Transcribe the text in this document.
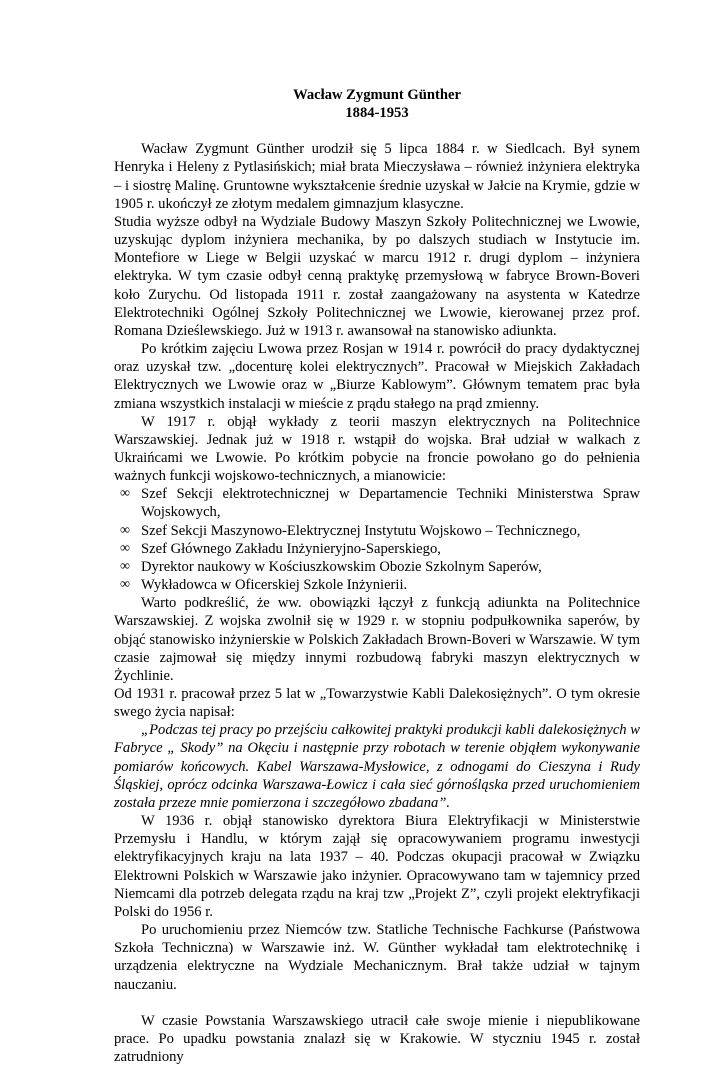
Wacław Zygmunt Günther

1884-1953

Wacław Zygmunt Günther urodził się 5 lipca 1884 r. w Siedlcach. Był synem Henryka i Heleny z Pytlasińskich; miał brata Mieczysława – również inżyniera elektryka – i siostrę Malinę. Gruntowne wykształcenie średnie uzyskał w Jałcie na Krymie, gdzie w 1905 r. ukończył ze złotym medalem gimnazjum klasyczne.

Studia wyższe odbył na Wydziale Budowy Maszyn Szkoły Politechnicznej we Lwowie, uzyskując dyplom inżyniera mechanika, by po dalszych studiach w Instytucie im. Montefiore w Liege w Belgii uzyskać w marcu 1912 r. drugi dyplom – inżyniera elektryka. W tym czasie odbył cenną praktykę przemysłową w fabryce Brown-Boveri koło Zurychu. Od listopada 1911 r. został zaangażowany na asystenta w Katedrze Elektrotechniki Ogólnej Szkoły Politechnicznej we Lwowie, kierowanej przez prof. Romana Dzieślewskiego. Już w 1913 r. awansował na stanowisko adiunkta.

Po krótkim zajęciu Lwowa przez Rosjan w 1914 r. powrócił do pracy dydaktycznej oraz uzyskał tzw. „docenturę kolei elektrycznych”. Pracował w Miejskich Zakładach Elektrycznych we Lwowie oraz w „Biurze Kablowym”. Głównym tematem prac była zmiana wszystkich instalacji w mieście z prądu stałego na prąd zmienny.

W 1917 r. objął wykłady z teorii maszyn elektrycznych na Politechnice Warszawskiej. Jednak już w 1918 r. wstąpił do wojska. Brał udział w walkach z Ukraińcami we Lwowie. Po krótkim pobycie na froncie powołano go do pełnienia ważnych funkcji wojskowo-technicznych, a mianowicie:

∞ Szef Sekcji elektrotechnicznej w Departamencie Techniki Ministerstwa Spraw Wojskowych,
∞ Szef Sekcji Maszynowo-Elektrycznej Instytutu Wojskowo – Technicznego,
∞ Szef Głównego Zakładu Inżynieryjno-Saperskiego,
∞ Dyrektor naukowy w Kościuszkowskim Obozie Szkolnym Saperów,
∞ Wykładowca w Oficerskiej Szkole Inżynierii.

Warto podkreślić, że ww. obowiązki łączył z funkcją adiunkta na Politechnice Warszawskiej. Z wojska zwolnił się w 1929 r. w stopniu podpułkownika saperów, by objąć stanowisko inżynierskie w Polskich Zakładach Brown-Boveri w Warszawie. W tym czasie zajmował się między innymi rozbudową fabryki maszyn elektrycznych w Żychlinie.

Od 1931 r. pracował przez 5 lat w „Towarzystwie Kabli Dalekosiężnych”. O tym okresie swego życia napisał:

„Podczas tej pracy po przejściu całkowitej praktyki produkcji kabli dalekosiężnych w Fabryce „ Skody” na Okęciu i następnie przy robotach w terenie objąłem wykonywanie pomiarów końcowych. Kabel Warszawa-Mysłowice, z odnogami do Cieszyna i Rudy Śląskiej, oprócz odcinka Warszawa-Łowicz i cała sieć górnośląska przed uruchomieniem została przeze mnie pomierzona i szczegółowo zbadana”.

W 1936 r. objął stanowisko dyrektora Biura Elektryfikacji w Ministerstwie Przemysłu i Handlu, w którym zajął się opracowywaniem programu inwestycji elektryfikacyjnych kraju na lata 1937 – 40. Podczas okupacji pracował w Związku Elektrowni Polskich w Warszawie jako inżynier. Opracowywano tam w tajemnicy przed Niemcami dla potrzeb delegata rządu na kraj tzw „Projekt Z”, czyli projekt elektryfikacji Polski do 1956 r.

Po uruchomieniu przez Niemców tzw. Statliche Technische Fachkurse (Państwowa Szkoła Techniczna) w Warszawie inż. W. Günther wykładał tam elektrotechnikę i urządzenia elektryczne na Wydziale Mechanicznym. Brał także udział w tajnym nauczaniu.

W czasie Powstania Warszawskiego utracił całe swoje mienie i niepublikowane prace. Po upadku powstania znalazł się w Krakowie. W styczniu 1945 r. został zatrudniony
